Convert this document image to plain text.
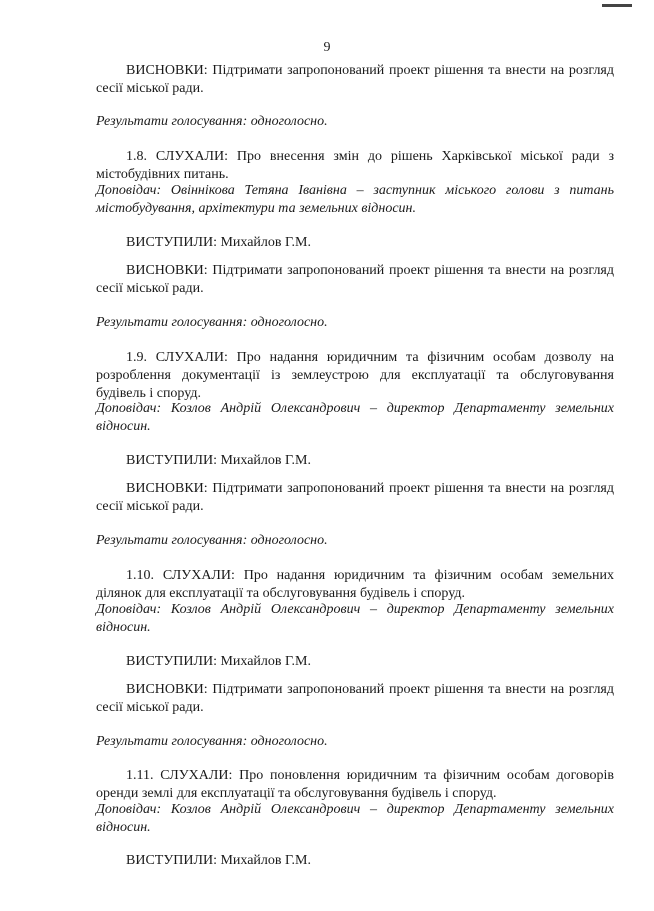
9
ВИСНОВКИ: Підтримати запропонований проект рішення та внести на розгляд сесії міської ради.
Результати голосування: одноголосно.
1.8. СЛУХАЛИ: Про внесення змін до рішень Харківської міської ради з містобудівних питань.
Доповідач: Овіннікова Тетяна Іванівна – заступник міського голови з питань містобудування, архітектури та земельних відносин.
ВИСТУПИЛИ: Михайлов Г.М.
ВИСНОВКИ: Підтримати запропонований проект рішення та внести на розгляд сесії міської ради.
Результати голосування: одноголосно.
1.9. СЛУХАЛИ: Про надання юридичним та фізичним особам дозволу на розроблення документації із землеустрою для експлуатації та обслуговування будівель і споруд.
Доповідач: Козлов Андрій Олександрович – директор Департаменту земельних відносин.
ВИСТУПИЛИ: Михайлов Г.М.
ВИСНОВКИ: Підтримати запропонований проект рішення та внести на розгляд сесії міської ради.
Результати голосування: одноголосно.
1.10. СЛУХАЛИ: Про надання юридичним та фізичним особам земельних ділянок для експлуатації та обслуговування будівель і споруд.
Доповідач: Козлов Андрій Олександрович – директор Департаменту земельних відносин.
ВИСТУПИЛИ: Михайлов Г.М.
ВИСНОВКИ: Підтримати запропонований проект рішення та внести на розгляд сесії міської ради.
Результати голосування: одноголосно.
1.11. СЛУХАЛИ: Про поновлення юридичним та фізичним особам договорів оренди землі для експлуатації та обслуговування будівель і споруд.
Доповідач: Козлов Андрій Олександрович – директор Департаменту земельних відносин.
ВИСТУПИЛИ: Михайлов Г.М.
